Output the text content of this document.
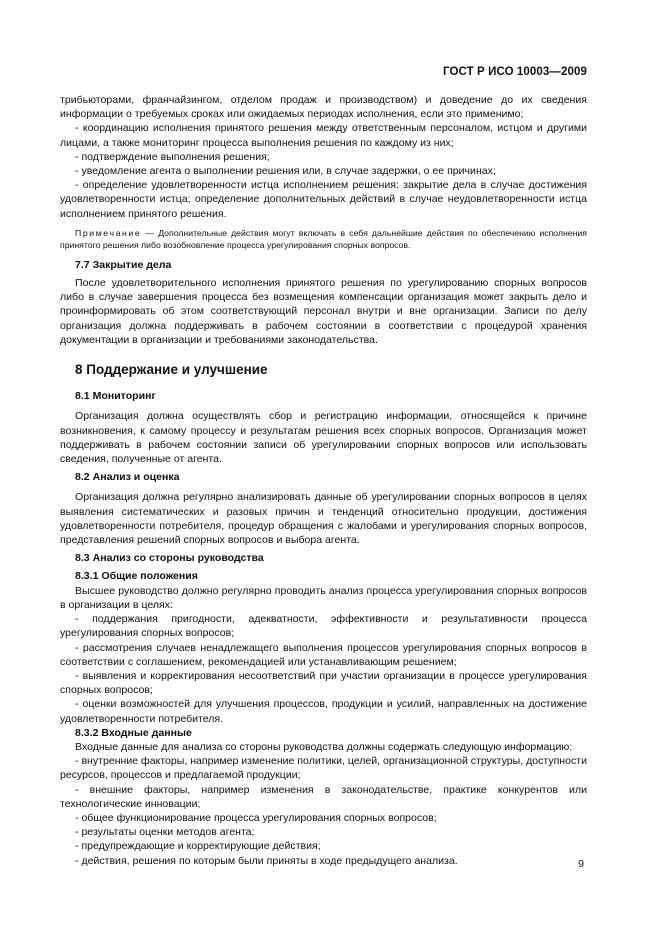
ГОСТ Р ИСО 10003—2009

трибьюторами, франчайзингом, отделом продаж и производством) и доведение до их сведения информации о требуемых сроках или ожидаемых периодах исполнения, если это применимо;

- координацию исполнения принятого решения между ответственным персоналом, истцом и другими лицами, а также мониторинг процесса выполнения решения по каждому из них;

- подтверждение выполнения решения;

- уведомление агента о выполнении решения или, в случае задержки, о ее причинах;

- определение удовлетворенности истца исполнением решения: закрытие дела в случае достижения удовлетворенности истца; определение дополнительных действий в случае неудовлетворенности истца исполнением принятого решения.

Примечание — Дополнительные действия могут включать в себя дальнейшие действия по обеспечению исполнения принятого решения либо возобновление процесса урегулирования спорных вопросов.

7.7 Закрытие дела

После удовлетворительного исполнения принятого решения по урегулированию спорных вопросов либо в случае завершения процесса без возмещения компенсации организация может закрыть дело и проинформировать об этом соответствующий персонал внутри и вне организации. Записи по делу организация должна поддерживать в рабочем состоянии в соответствии с процедурой хранения документации в организации и требованиями законодательства.

8 Поддержание и улучшение
8.1 Мониторинг

Организация должна осуществлять сбор и регистрацию информации, относящейся к причине возникновения, к самому процессу и результатам решения всех спорных вопросов. Организация может поддерживать в рабочем состоянии записи об урегулировании спорных вопросов или использовать сведения, полученные от агента.

8.2 Анализ и оценка

Организация должна регулярно анализировать данные об урегулировании спорных вопросов в целях выявления систематических и разовых причин и тенденций относительно продукции, достижения удовлетворенности потребителя, процедур обращения с жалобами и урегулирования спорных вопросов, представления решений спорных вопросов и выбора агента.

8.3 Анализ со стороны руководства
8.3.1 Общие положения

Высшее руководство должно регулярно проводить анализ процесса урегулирования спорных вопросов в организации в целях:

- поддержания пригодности, адекватности, эффективности и результативности процесса урегулирования спорных вопросов;

- рассмотрения случаев ненадлежащего выполнения процессов урегулирования спорных вопросов в соответствии с соглашением, рекомендацией или устанавливающим решением;

- выявления и корректирования несоответствий при участии организации в процессе урегулирования спорных вопросов;

- оценки возможностей для улучшения процессов, продукции и усилий, направленных на достижение удовлетворенности потребителя.

8.3.2 Входные данные

Входные данные для анализа со стороны руководства должны содержать следующую информацию:

- внутренние факторы, например изменение политики, целей, организационной структуры, доступности ресурсов, процессов и предлагаемой продукции;

- внешние факторы, например изменения в законодательстве, практике конкурентов или технологические инновации;

- общее функционирование процесса урегулирования спорных вопросов;

- результаты оценки методов агента;

- предупреждающие и корректирующие действия;

- действия, решения по которым были приняты в ходе предыдущего анализа.	9
